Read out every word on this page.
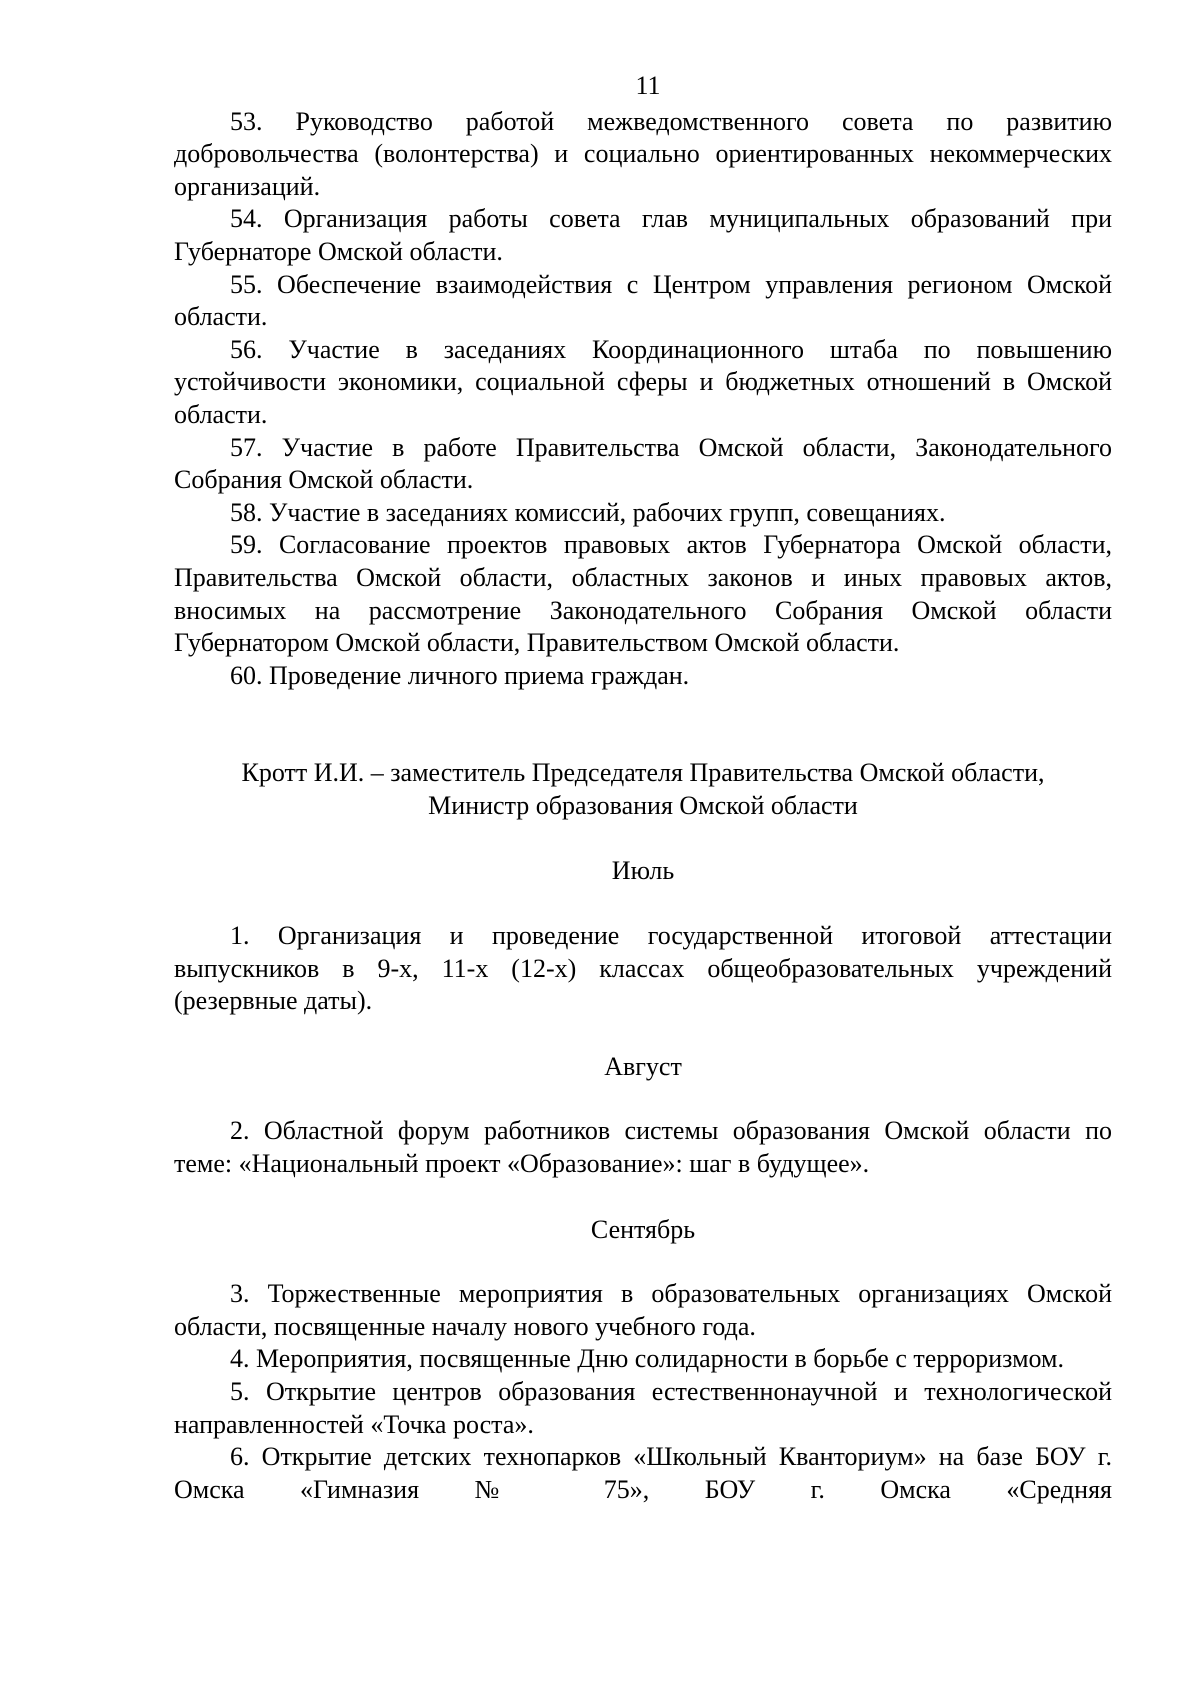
11

53. Руководство работой межведомственного совета по развитию добровольчества (волонтерства) и социально ориентированных некоммерческих организаций.

54. Организация работы совета глав муниципальных образований при Губернаторе Омской области.

55. Обеспечение взаимодействия с Центром управления регионом Омской области.

56. Участие в заседаниях Координационного штаба по повышению устойчивости экономики, социальной сферы и бюджетных отношений в Омской области.

57. Участие в работе Правительства Омской области, Законодательного Собрания Омской области.

58. Участие в заседаниях комиссий, рабочих групп, совещаниях.

59. Согласование проектов правовых актов Губернатора Омской области, Правительства Омской области, областных законов и иных правовых актов, вносимых на рассмотрение Законодательного Собрания Омской области Губернатором Омской области, Правительством Омской области.

60. Проведение личного приема граждан.

Кротт И.И. – заместитель Председателя Правительства Омской области,
Министр образования Омской области
Июль

1. Организация и проведение государственной итоговой аттестации выпускников в 9-х, 11-х (12-х) классах общеобразовательных учреждений (резервные даты).

Август

2. Областной форум работников системы образования Омской области по теме: «Национальный проект «Образование»: шаг в будущее».

Сентябрь

3. Торжественные мероприятия в образовательных организациях Омской области, посвященные началу нового учебного года.

4. Мероприятия, посвященные Дню солидарности в борьбе с терроризмом.

5. Открытие центров образования естественнонаучной и технологической направленностей «Точка роста».

6. Открытие детских технопарков «Школьный Кванториум» на базе БОУ г. Омска «Гимназия № 75», БОУ г. Омска «Средняя
